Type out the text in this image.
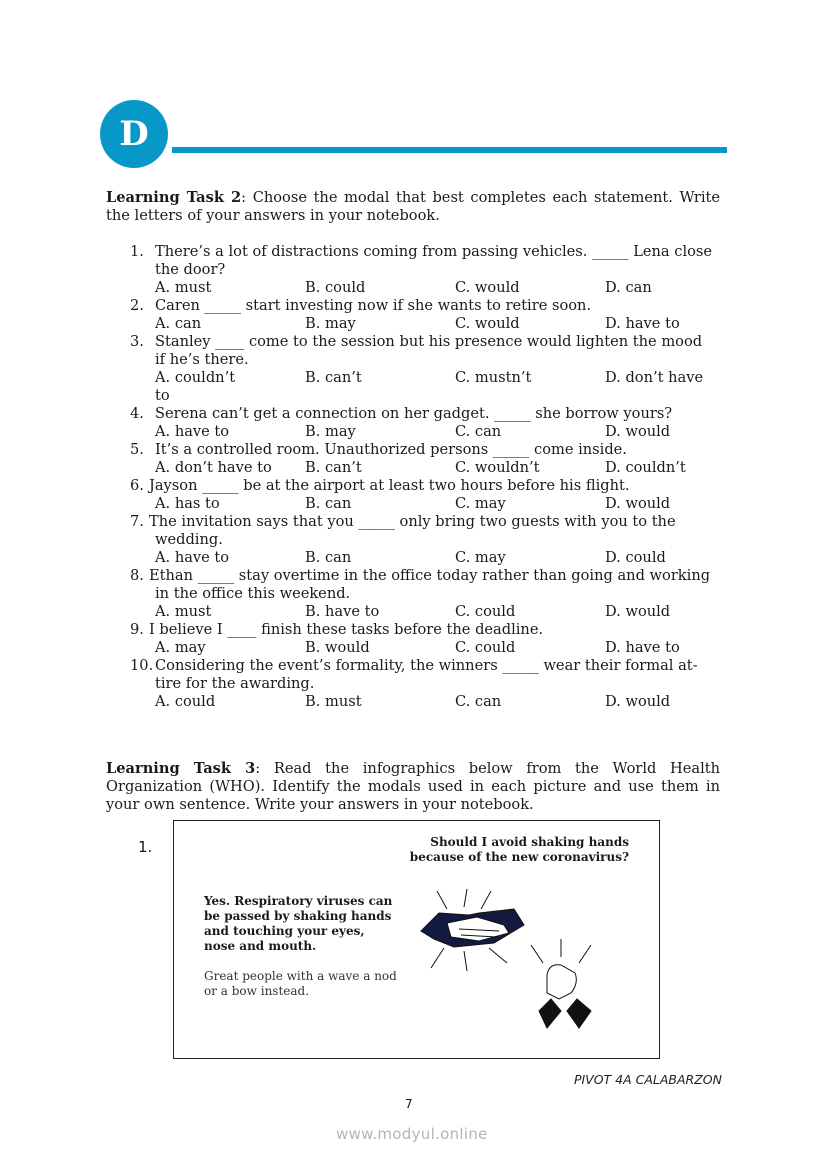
D
Learning Task 2: Choose the modal that best completes each statement. Write the letters of your answers in your notebook.
1. There’s a lot of distractions coming from passing vehicles. _____ Lena close
the door?
A. must	B. could	C. would	D. can
2. Caren _____ start investing now if she wants to retire soon.
A. can	B. may	C. would	D. have to
3. Stanley ____ come to the session but his presence would lighten the mood
if he’s there.
A. couldn’t	B. can’t	C. mustn’t	D. don’t have
to
4. Serena can’t get a connection on her gadget. _____ she borrow yours?
A. have to	B. may	C. can	D. would
5. It’s a controlled room. Unauthorized persons _____ come inside.
A. don’t have to	B. can’t	C. wouldn’t	D. couldn’t
6. Jayson _____ be at the airport at least two hours before his flight.
A. has to	B. can	C. may	D. would
7. The invitation says that you _____ only bring two guests with you to the
wedding.
A. have to	B. can	C. may	D. could
8. Ethan _____ stay overtime in the office today rather than going and working
in the office this weekend.
A. must	B. have to	C. could	D. would
9. I believe I ____ finish these tasks before the deadline.
A. may	B. would	C. could	D. have to
10. Considering the event’s formality, the winners _____ wear their formal at-
tire for the awarding.
A. could	B. must	C. can	D. would
Learning Task 3: Read the infographics below from the World Health Organization (WHO). Identify the modals used in each picture and use them in your own sentence. Write your answers in your notebook.
1.	Should I avoid shaking hands because of the new coronavirus?
Yes. Respiratory viruses can be passed by shaking hands and touching your eyes, nose and mouth.
Great people with a wave a nod or a bow instead.
PIVOT 4A CALABARZON
7
www.modyul.online
